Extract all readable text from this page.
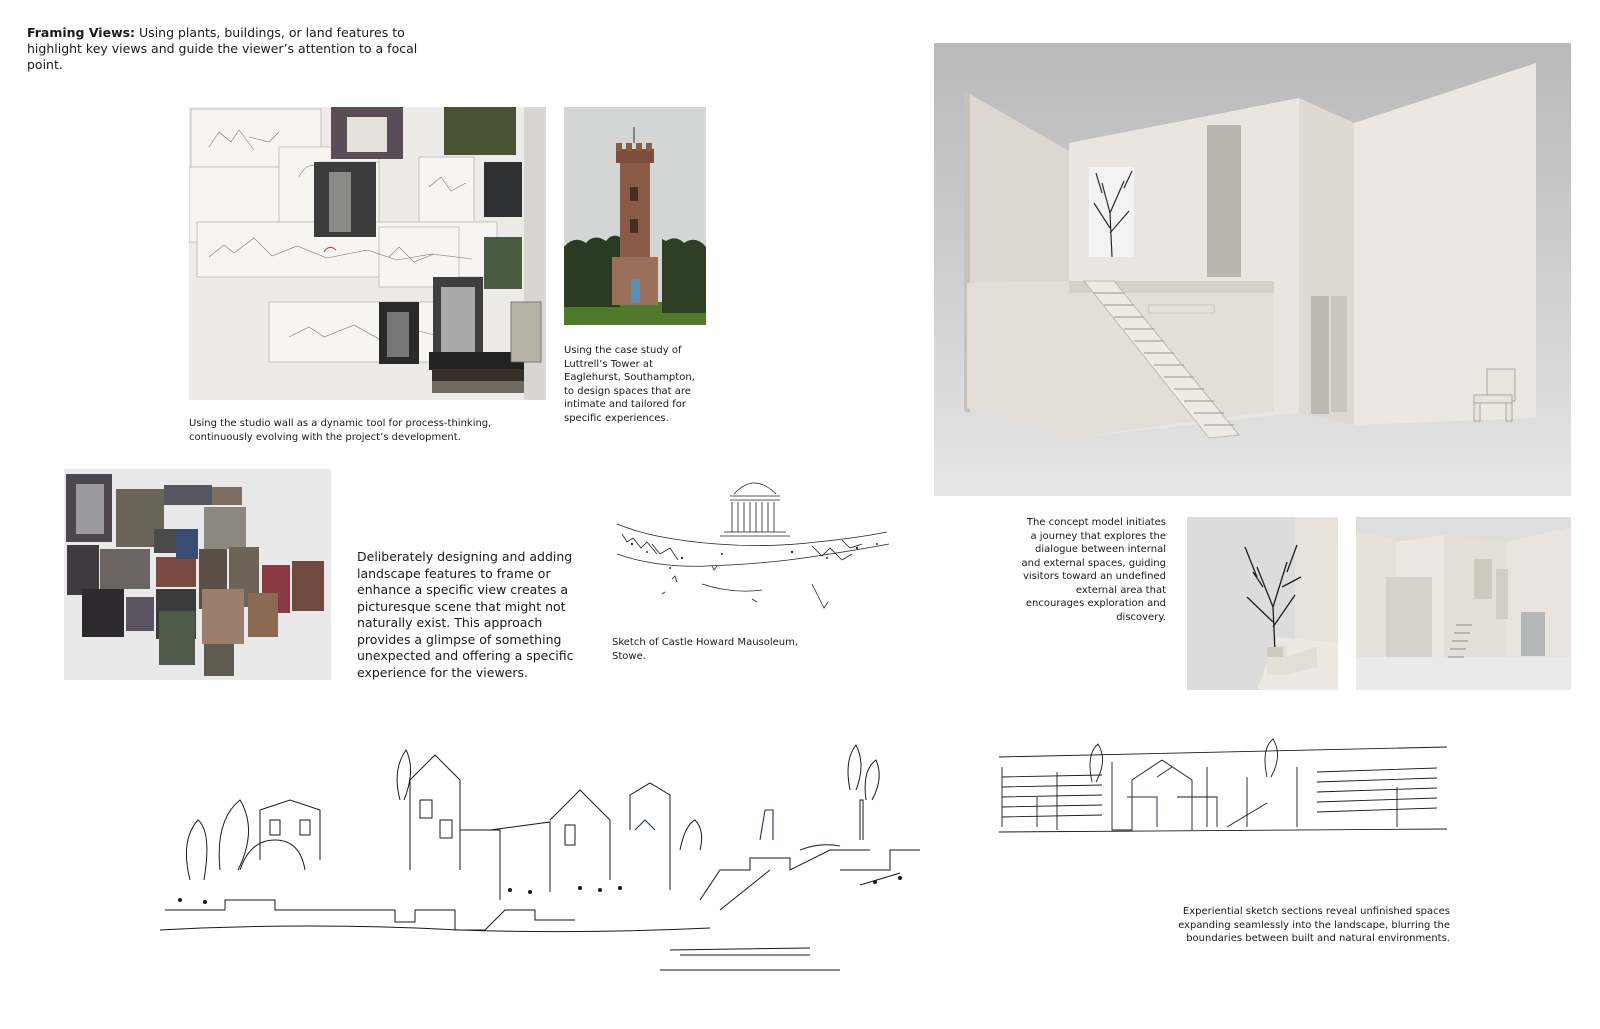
Framing Views: Using plants, buildings, or land features to highlight key views and guide the viewer’s attention to a focal point.
Using the studio wall as a dynamic tool for process-thinking, continuously evolving with the project’s development.
Using the case study of Luttrell’s Tower at Eaglehurst, Southampton, to design spaces that are intimate and tailored for specific experiences.
Deliberately designing and adding landscape features to frame or enhance a specific view creates a picturesque scene that might not naturally exist. This approach provides a glimpse of something unexpected and offering a specific experience for the viewers.
Sketch of Castle Howard Mausoleum, Stowe.
The concept model initiates a journey that explores the dialogue between internal and external spaces, guiding visitors toward an undefined external area that encourages exploration and discovery.
Experiential sketch sections reveal unfinished spaces expanding seamlessly into the landscape, blurring the boundaries between built and natural environments.
